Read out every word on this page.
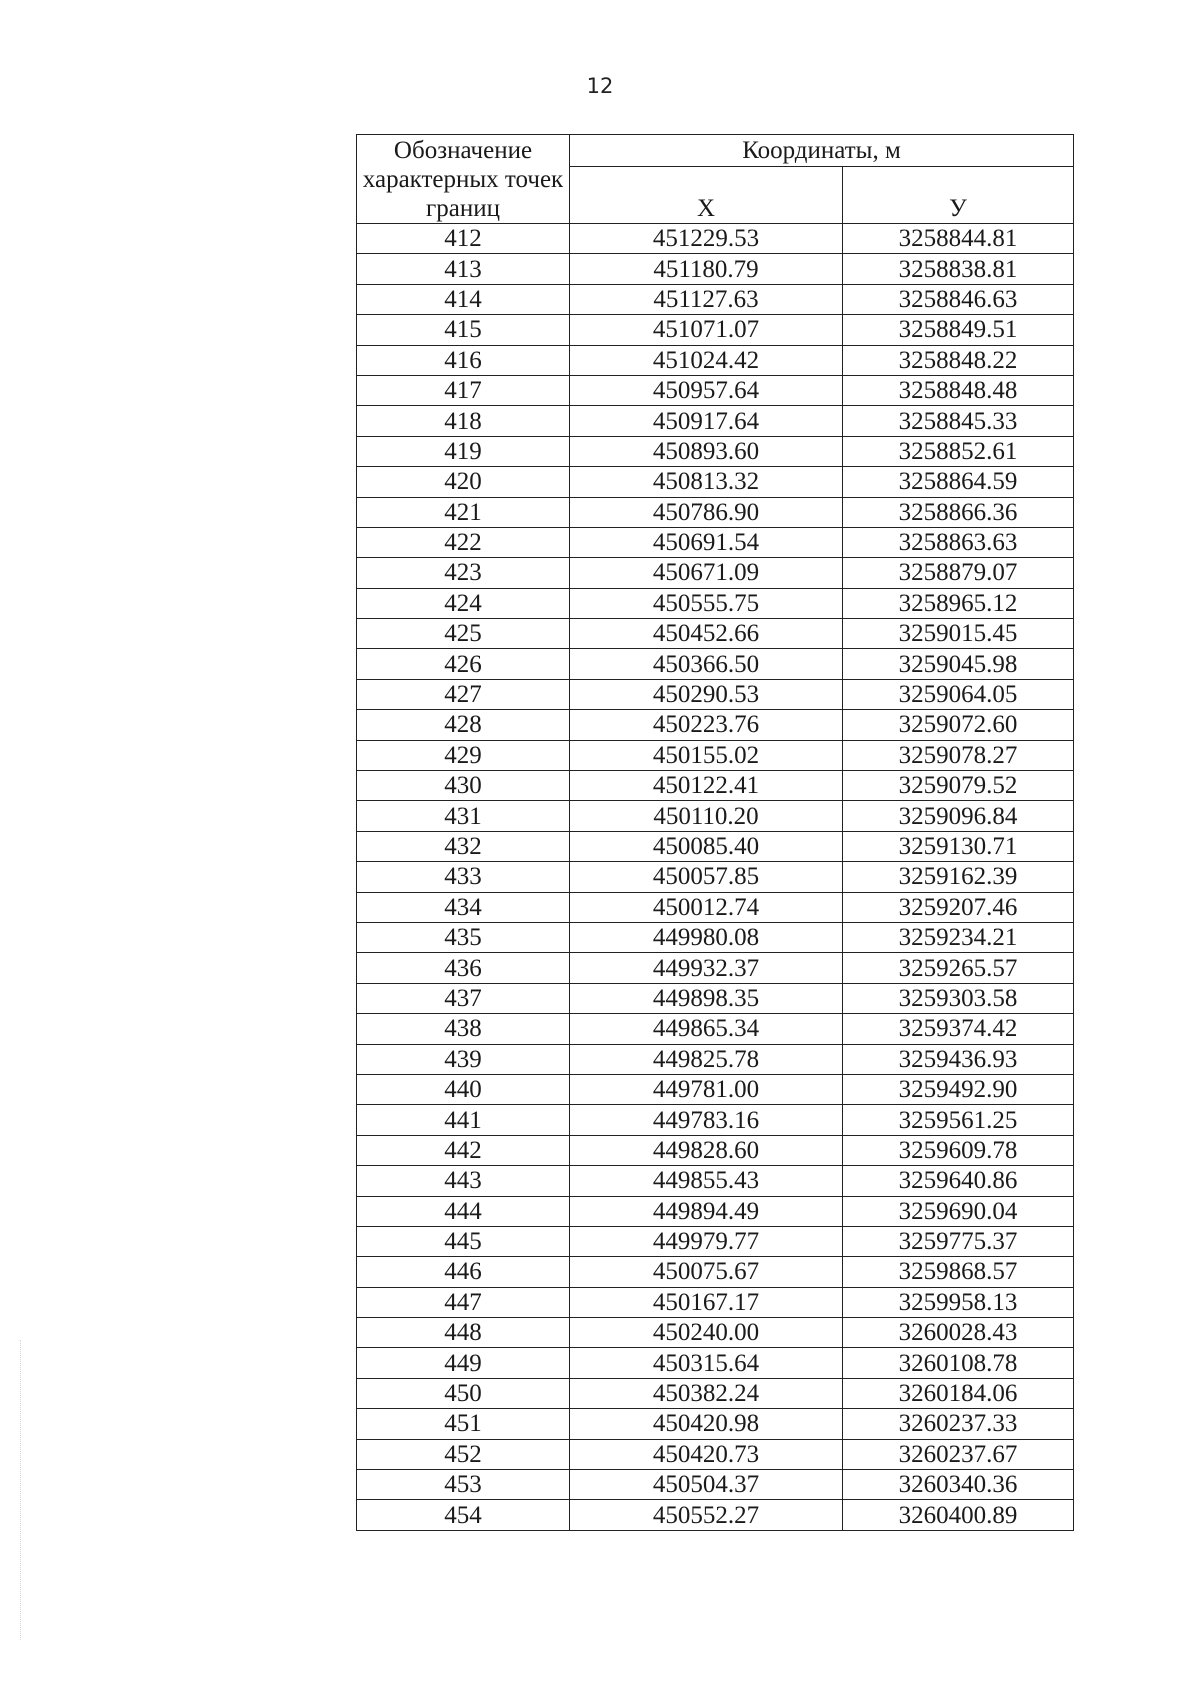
12
Обозначение характерных точек границ	Координаты, м	
	Х	У
412	451229.53	3258844.81
413	451180.79	3258838.81
414	451127.63	3258846.63
415	451071.07	3258849.51
416	451024.42	3258848.22
417	450957.64	3258848.48
418	450917.64	3258845.33
419	450893.60	3258852.61
420	450813.32	3258864.59
421	450786.90	3258866.36
422	450691.54	3258863.63
423	450671.09	3258879.07
424	450555.75	3258965.12
425	450452.66	3259015.45
426	450366.50	3259045.98
427	450290.53	3259064.05
428	450223.76	3259072.60
429	450155.02	3259078.27
430	450122.41	3259079.52
431	450110.20	3259096.84
432	450085.40	3259130.71
433	450057.85	3259162.39
434	450012.74	3259207.46
435	449980.08	3259234.21
436	449932.37	3259265.57
437	449898.35	3259303.58
438	449865.34	3259374.42
439	449825.78	3259436.93
440	449781.00	3259492.90
441	449783.16	3259561.25
442	449828.60	3259609.78
443	449855.43	3259640.86
444	449894.49	3259690.04
445	449979.77	3259775.37
446	450075.67	3259868.57
447	450167.17	3259958.13
448	450240.00	3260028.43
449	450315.64	3260108.78
450	450382.24	3260184.06
451	450420.98	3260237.33
452	450420.73	3260237.67
453	450504.37	3260340.36
454	450552.27	3260400.89
